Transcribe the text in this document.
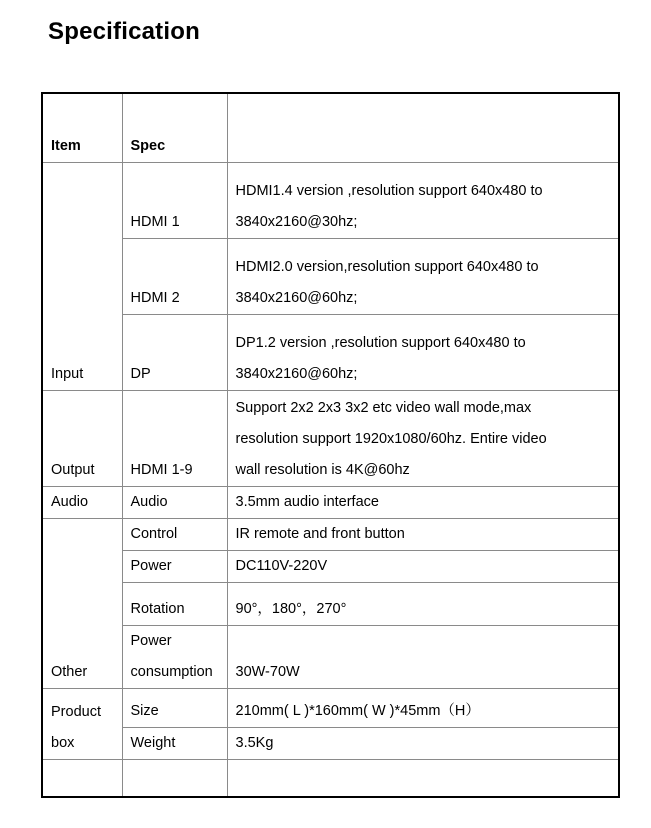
Specification
Item	Spec	
Input	HDMI 1	HDMI1.4 version ,resolution support 640x480 to
3840x2160@30hz;

	HDMI 2	HDMI2.0 version,resolution support 640x480 to
3840x2160@60hz;

	DP	DP1.2 version ,resolution support 640x480 to
3840x2160@60hz;

Output	HDMI 1-9	Support 2x2 2x3 3x2 etc video wall mode,max
resolution support 1920x1080/60hz. Entire video
wall resolution is 4K@60hz

Audio	Audio	3.5mm audio interface
Other	Control	IR remote and front button
	Power	DC110V-220V
	Rotation	90°，180°，270°

	Power
consumption	30W-70W

Product
box	Size	210mm( L )*160mm( W )*45mm（H）
	Weight	3.5Kg
